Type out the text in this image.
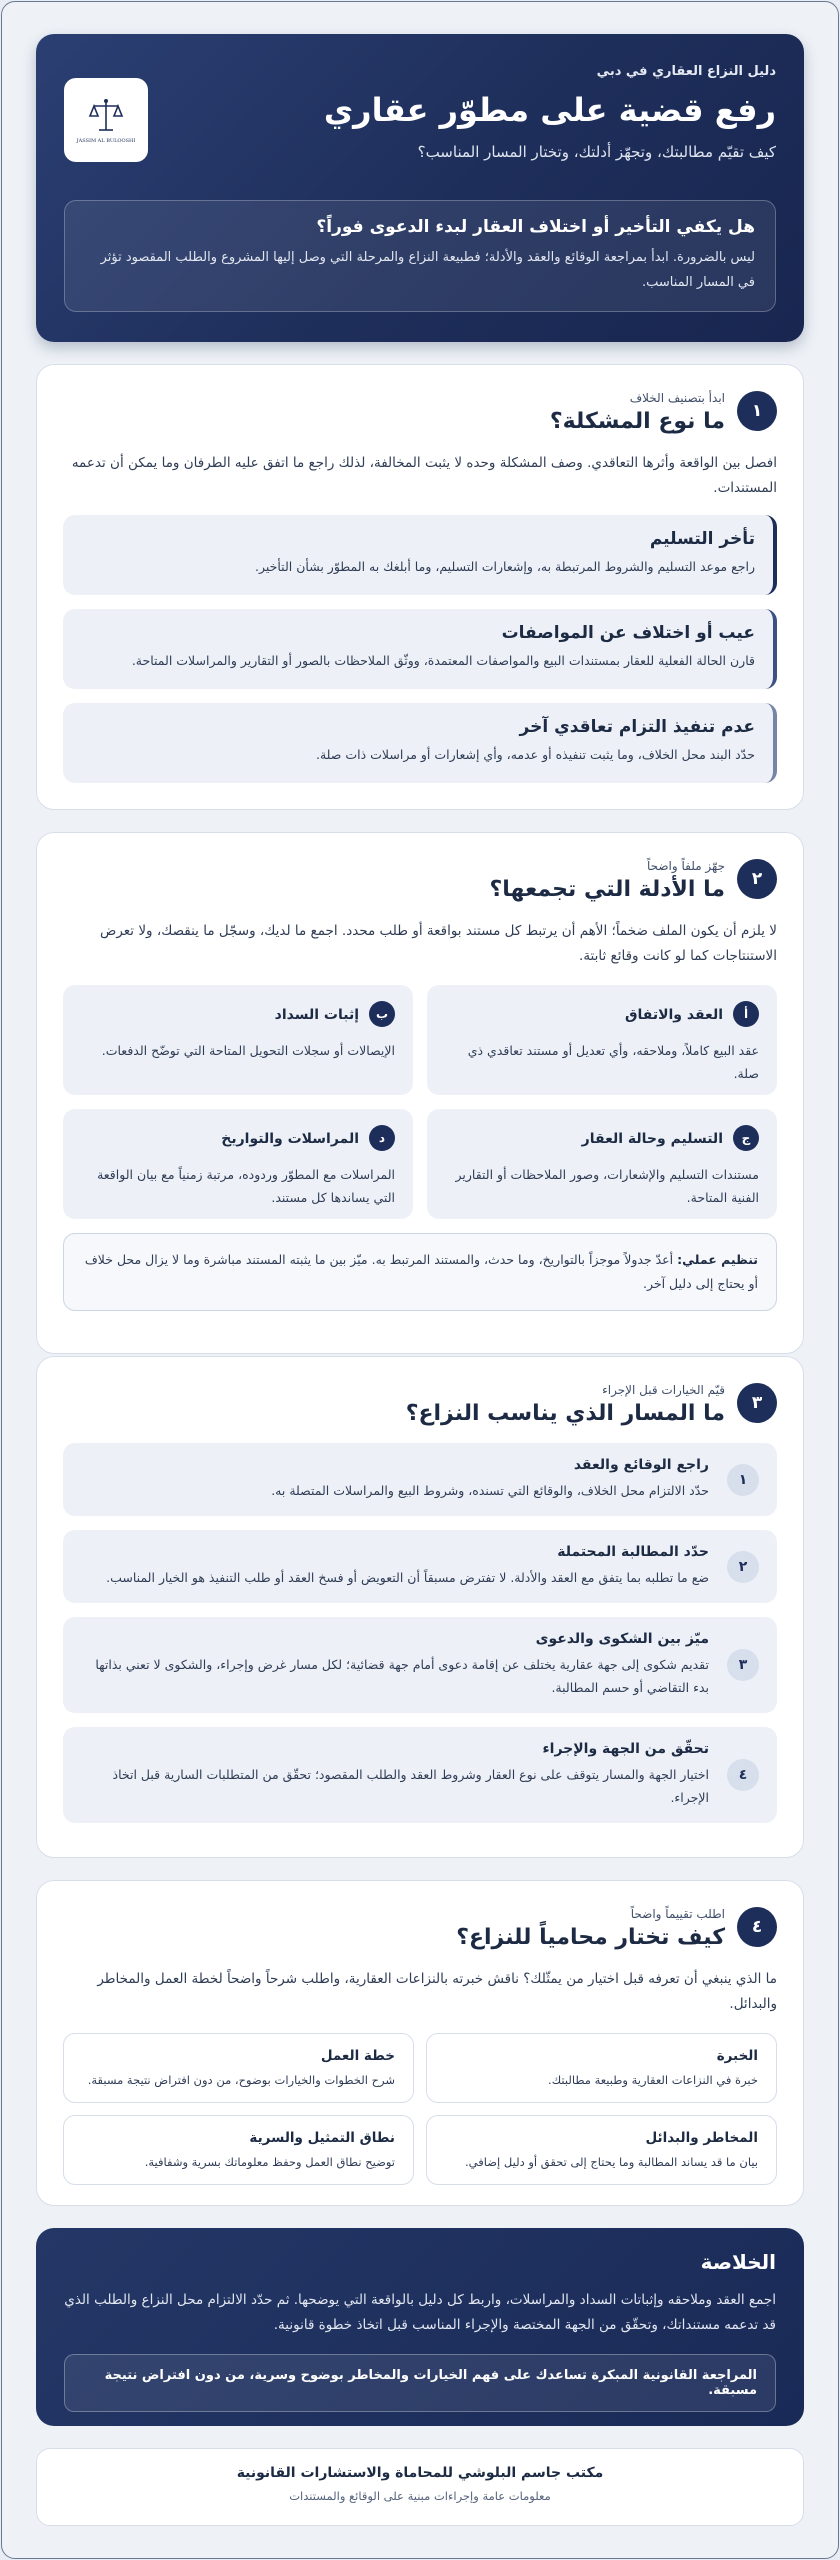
دليل النزاع العقاري في دبي
رفع قضية على مطوّر عقاري
كيف تقيّم مطالبتك، وتجهّز أدلتك، وتختار المسار المناسب؟
JASSIM AL BULOOSHI
هل يكفي التأخير أو اختلاف العقار لبدء الدعوى فوراً؟
ليس بالضرورة. ابدأ بمراجعة الوقائع والعقد والأدلة؛ فطبيعة النزاع والمرحلة التي وصل إليها المشروع والطلب المقصود تؤثر في المسار المناسب.
١
ابدأ بتصنيف الخلاف
ما نوع المشكلة؟
افصل بين الواقعة وأثرها التعاقدي. وصف المشكلة وحده لا يثبت المخالفة، لذلك راجع ما اتفق عليه الطرفان وما يمكن أن تدعمه المستندات.
تأخر التسليم
راجع موعد التسليم والشروط المرتبطة به، وإشعارات التسليم، وما أبلغك به المطوّر بشأن التأخير.
عيب أو اختلاف عن المواصفات
قارن الحالة الفعلية للعقار بمستندات البيع والمواصفات المعتمدة، ووثّق الملاحظات بالصور أو التقارير والمراسلات المتاحة.
عدم تنفيذ التزام تعاقدي آخر
حدّد البند محل الخلاف، وما يثبت تنفيذه أو عدمه، وأي إشعارات أو مراسلات ذات صلة.
٢
جهّز ملفاً واضحاً
ما الأدلة التي تجمعها؟
لا يلزم أن يكون الملف ضخماً؛ الأهم أن يرتبط كل مستند بواقعة أو طلب محدد. اجمع ما لديك، وسجّل ما ينقصك، ولا تعرض الاستنتاجات كما لو كانت وقائع ثابتة.
أ
العقد والاتفاق
عقد البيع كاملاً، وملاحقه، وأي تعديل أو مستند تعاقدي ذي صلة.
ب
إثبات السداد
الإيصالات أو سجلات التحويل المتاحة التي توضّح الدفعات.
ج
التسليم وحالة العقار
مستندات التسليم والإشعارات، وصور الملاحظات أو التقارير الفنية المتاحة.
د
المراسلات والتواريخ
المراسلات مع المطوّر وردوده، مرتبة زمنياً مع بيان الواقعة التي يساندها كل مستند.
تنظيم عملي: أعدّ جدولاً موجزاً بالتواريخ، وما حدث، والمستند المرتبط به. ميّز بين ما يثبته المستند مباشرة وما لا يزال محل خلاف أو يحتاج إلى دليل آخر.
٣
قيّم الخيارات قبل الإجراء
ما المسار الذي يناسب النزاع؟
١
راجع الوقائع والعقد
حدّد الالتزام محل الخلاف، والوقائع التي تسنده، وشروط البيع والمراسلات المتصلة به.
٢
حدّد المطالبة المحتملة
ضع ما تطلبه بما يتفق مع العقد والأدلة. لا تفترض مسبقاً أن التعويض أو فسخ العقد أو طلب التنفيذ هو الخيار المناسب.
٣
ميّز بين الشكوى والدعوى
تقديم شكوى إلى جهة عقارية يختلف عن إقامة دعوى أمام جهة قضائية؛ لكل مسار غرض وإجراء، والشكوى لا تعني بذاتها بدء التقاضي أو حسم المطالبة.
٤
تحقّق من الجهة والإجراء
اختيار الجهة والمسار يتوقف على نوع العقار وشروط العقد والطلب المقصود؛ تحقّق من المتطلبات السارية قبل اتخاذ الإجراء.
٤
اطلب تقييماً واضحاً
كيف تختار محامياً للنزاع؟
ما الذي ينبغي أن تعرفه قبل اختيار من يمثّلك؟ ناقش خبرته بالنزاعات العقارية، واطلب شرحاً واضحاً لخطة العمل والمخاطر والبدائل.
الخبرة
خبرة في النزاعات العقارية وطبيعة مطالبتك.
خطة العمل
شرح الخطوات والخيارات بوضوح، من دون افتراض نتيجة مسبقة.
المخاطر والبدائل
بيان ما قد يساند المطالبة وما يحتاج إلى تحقق أو دليل إضافي.
نطاق التمثيل والسرية
توضيح نطاق العمل وحفظ معلوماتك بسرية وشفافية.
الخلاصة
اجمع العقد وملاحقه وإثباتات السداد والمراسلات، واربط كل دليل بالواقعة التي يوضحها. ثم حدّد الالتزام محل النزاع والطلب الذي قد تدعمه مستنداتك، وتحقّق من الجهة المختصة والإجراء المناسب قبل اتخاذ خطوة قانونية.
المراجعة القانونية المبكرة تساعدك على فهم الخيارات والمخاطر بوضوح وسرية، من دون افتراض نتيجة مسبقة.
مكتب جاسم البلوشي للمحاماة والاستشارات القانونية
معلومات عامة وإجراءات مبنية على الوقائع والمستندات
